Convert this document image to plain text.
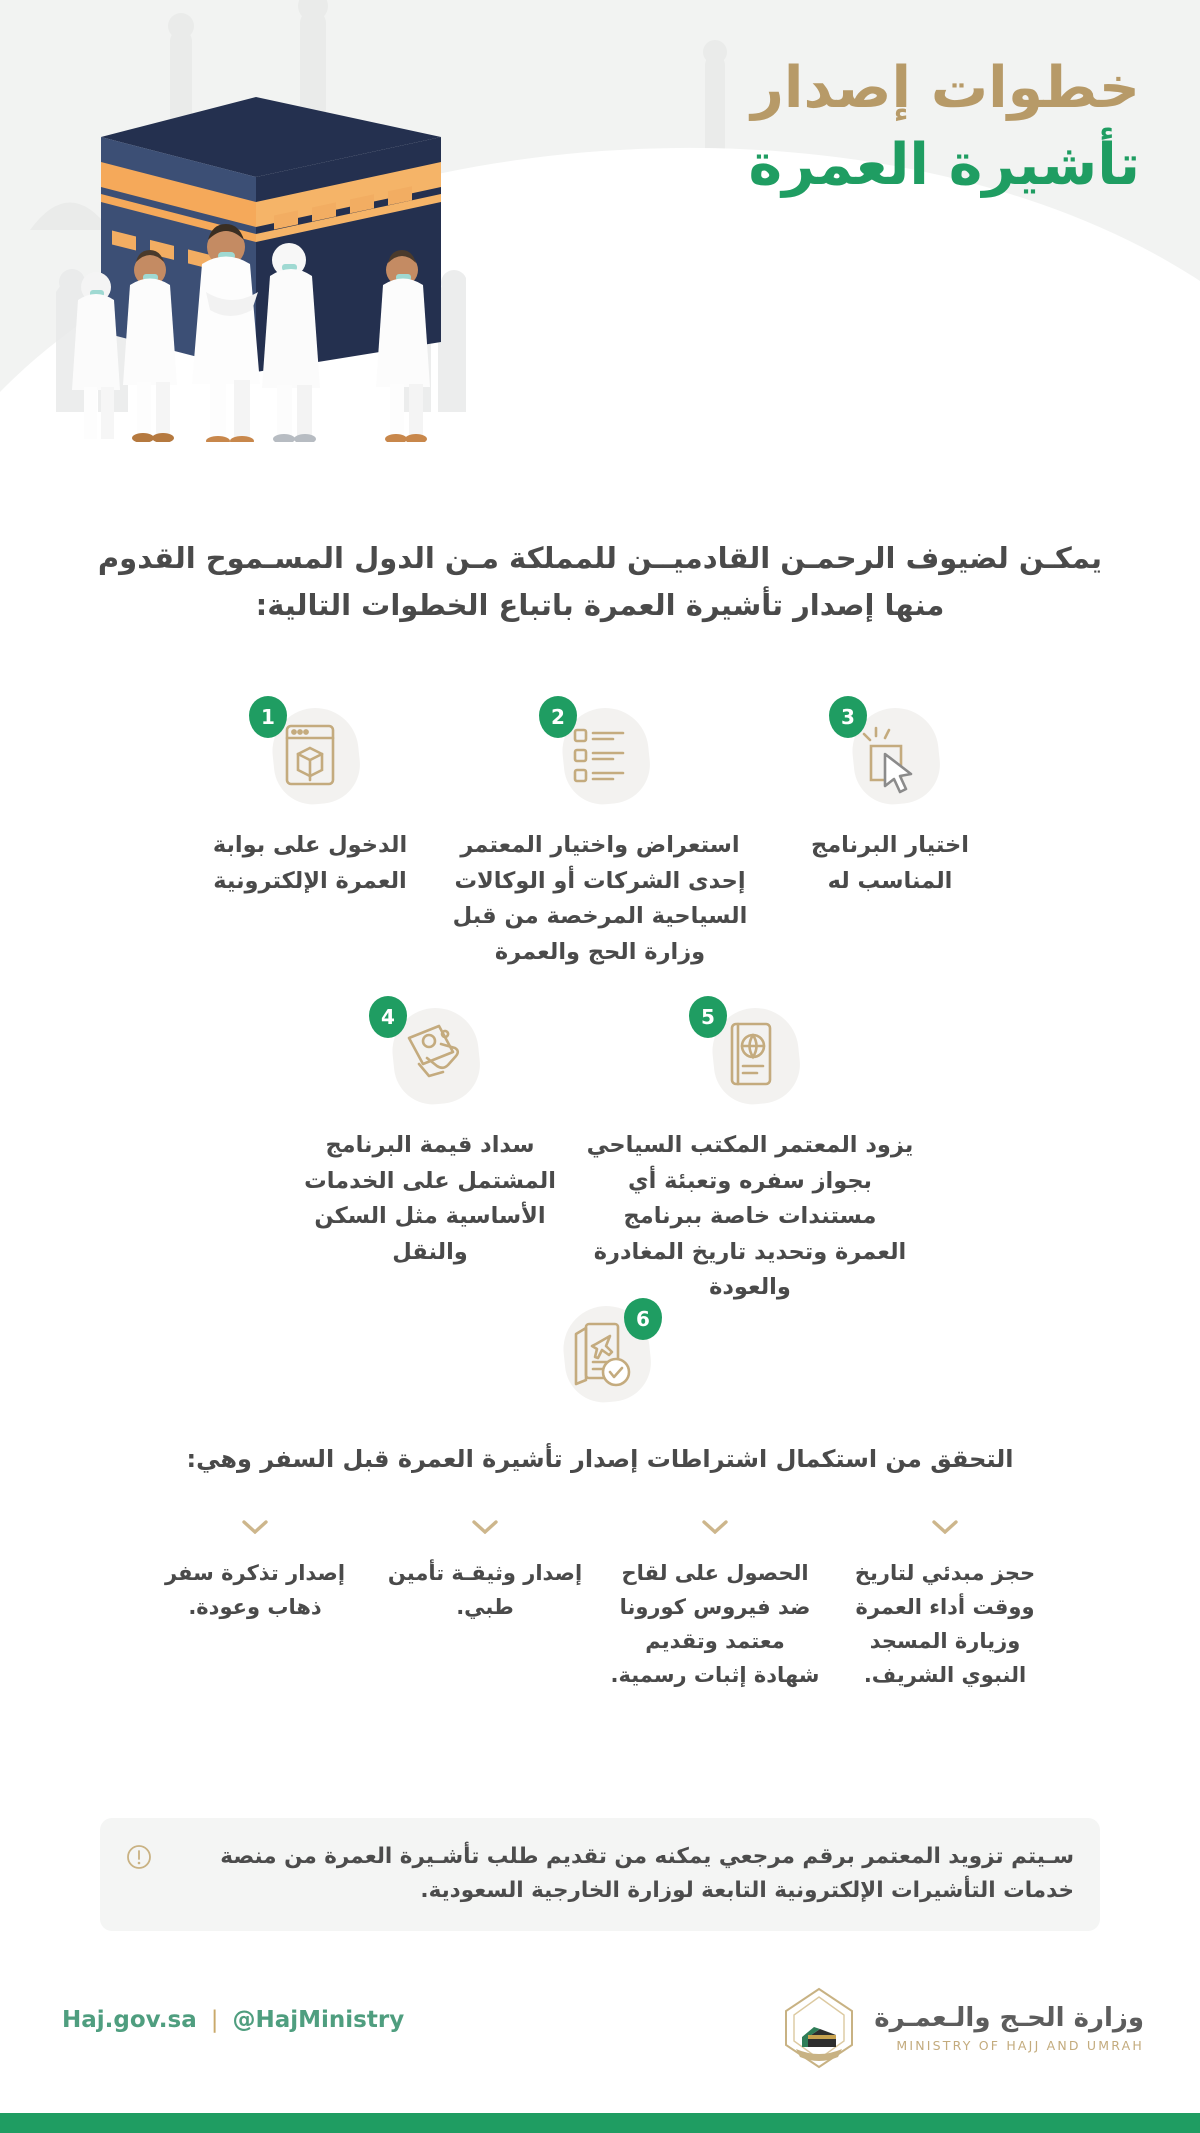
خطوات إصدار
تأشيرة العمرة
يمكـن لضيوف الرحمـن القادميــن للمملكة مـن الدول المسـموح القدوم منها إصدار تأشيرة العمرة باتباع الخطوات التالية:
3
اختيار البرنامج المناسب له
2
استعراض واختيار المعتمر إحدى الشركات أو الوكالات السياحية المرخصة من قبل وزارة الحج والعمرة
1
الدخول على بوابة العمرة الإلكترونية
5
يزود المعتمر المكتب السياحي بجواز سفره وتعبئة أي مستندات خاصة ببرنامج العمرة وتحديد تاريخ المغادرة والعودة
4
سداد قيمة البرنامج المشتمل على الخدمات الأساسية مثل السكن والنقل
6
التحقق من استكمال اشتراطات إصدار تأشيرة العمرة قبل السفر وهي:
حجز مبدئي لتاريخ ووقت أداء العمرة وزيارة المسجد النبوي الشريف.
الحصول على لقاح ضد فيروس كورونا معتمد وتقديم شهادة إثبات رسمية.
إصدار وثيقـة تأمين طبي.
إصدار تذكرة سفر ذهاب وعودة.
سـيتم تزويد المعتمر برقم مرجعي يمكنه من تقديم طلب تأشـيرة العمرة من منصة خدمات التأشيرات الإلكترونية التابعة لوزارة الخارجية السعودية.
Haj.gov.sa | @HajMinistry	وزارة الحـج والـعمـرة
MINISTRY OF HAJJ AND UMRAH
